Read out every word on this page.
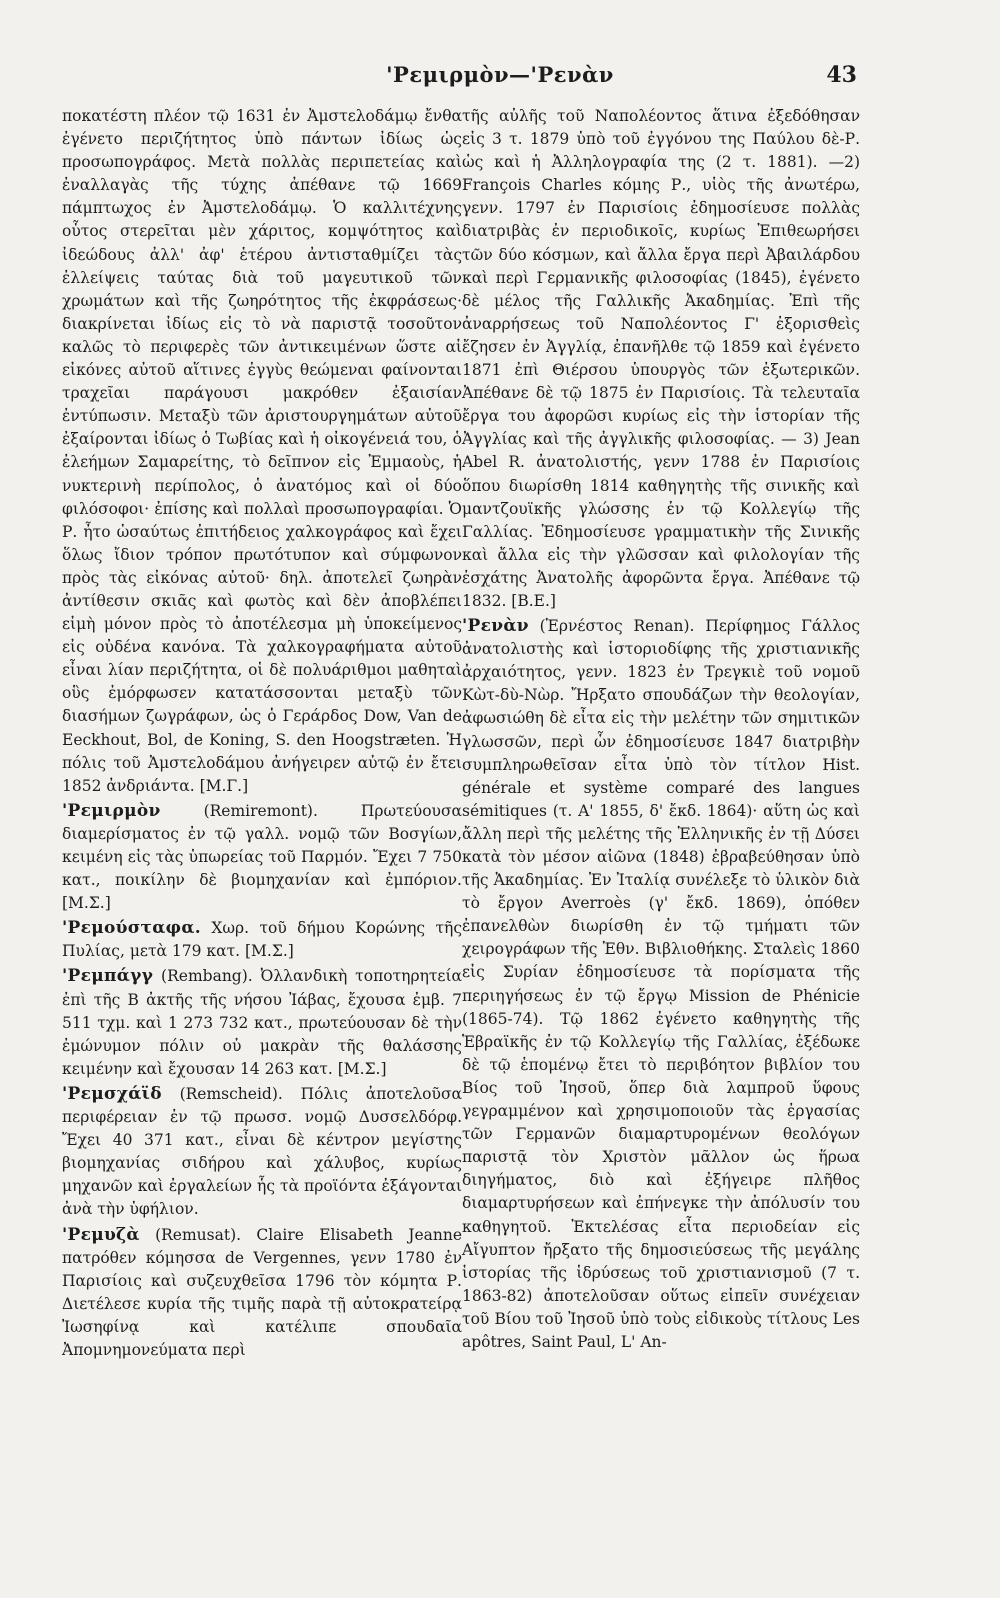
'Ρεμιρμὸν—'Ρενὰν	43

ποκατέστη πλέον τῷ 1631 ἐν Ἀμστελοδάμῳ ἔνθα ἐγένετο περιζήτητος ὑπὸ πάντων ἰδίως ὡς προσωπογράφος. Μετὰ πολλὰς περιπετείας καὶ ἐναλλαγὰς τῆς τύχης ἀπέθανε τῷ 1669 πάμπτωχος ἐν Ἀμστελοδάμῳ. Ὁ καλλιτέχνης οὗτος στερεῖται μὲν χάριτος, κομψότητος καὶ ἰδεώδους ἀλλ' ἀφ' ἑτέρου ἀντισταθμίζει τὰς ἐλλείψεις ταύτας διὰ τοῦ μαγευτικοῦ τῶν χρωμάτων καὶ τῆς ζωηρότητος τῆς ἐκφράσεως· διακρίνεται ἰδίως εἰς τὸ νὰ παριστᾷ τοσοῦτον καλῶς τὸ περιφερὲς τῶν ἀντικειμένων ὥστε αἱ εἰκόνες αὐτοῦ αἵτινες ἐγγὺς θεώμεναι φαίνονται τραχεῖαι παράγουσι μακρόθεν ἐξαισίαν ἐντύπωσιν. Μεταξὺ τῶν ἀριστουργημάτων αὐτοῦ ἐξαίρονται ἰδίως ὁ Τωβίας καὶ ἡ οἰκογένειά του, ὁ ἐλεήμων Σαμαρείτης, τὸ δεῖπνον εἰς Ἐμμαοὺς, ἡ νυκτερινὴ περίπολος, ὁ ἀνατόμος καὶ οἱ δύο φιλόσοφοι· ἐπίσης καὶ πολλαὶ προσωπογραφίαι. Ὁ Ρ. ἦτο ὡσαύτως ἐπιτήδειος χαλκογράφος καὶ ἔχει ὅλως ἴδιον τρόπον πρωτότυπον καὶ σύμφωνον πρὸς τὰς εἰκόνας αὐτοῦ· δηλ. ἀποτελεῖ ζωηρὰν ἀντίθεσιν σκιᾶς καὶ φωτὸς καὶ δὲν ἀποβλέπει εἰμὴ μόνον πρὸς τὸ ἀποτέλεσμα μὴ ὑποκείμενος εἰς οὐδένα κανόνα. Τὰ χαλκογραφήματα αὐτοῦ εἶναι λίαν περιζήτητα, οἱ δὲ πολυάριθμοι μαθηταὶ οὓς ἐμόρφωσεν κατατάσσονται μεταξὺ τῶν διασήμων ζωγράφων, ὡς ὁ Γεράρδος Dow, Van de Eeckhout, Bol, de Koning, S. den Hoogstræten. Ἡ πόλις τοῦ Ἀμστελοδάμου ἀνήγειρεν αὐτῷ ἐν ἔτει 1852 ἀνδριάντα. [Μ.Γ.]

'Ρεμιρμὸν (Remiremont). Πρωτεύουσα διαμερίσματος ἐν τῷ γαλλ. νομῷ τῶν Βοσγίων, κειμένη εἰς τὰς ὑπωρείας τοῦ Παρμόν. Ἔχει 7 750 κατ., ποικίλην δὲ βιομηχανίαν καὶ ἐμπόριον. [Μ.Σ.]

'Ρεμούσταφα. Χωρ. τοῦ δήμου Κορώνης τῆς Πυλίας, μετὰ 179 κατ. [Μ.Σ.]

'Ρεμπάγγ (Rembang). Ὀλλανδικὴ τοποτηρητεία ἐπὶ τῆς Β ἀκτῆς τῆς νήσου Ἰάβας, ἔχουσα ἐμβ. 7 511 τχμ. καὶ 1 273 732 κατ., πρωτεύουσαν δὲ τὴν ἐμώνυμον πόλιν οὐ μακρὰν τῆς θαλάσσης κειμένην καὶ ἔχουσαν 14 263 κατ. [Μ.Σ.]

'Ρεμσχάϊδ (Remscheid). Πόλις ἀποτελοῦσα περιφέρειαν ἐν τῷ πρωσσ. νομῷ Δυσσελδόρφ. Ἔχει 40 371 κατ., εἶναι δὲ κέντρον μεγίστης βιομηχανίας σιδήρου καὶ χάλυβος, κυρίως μηχανῶν καὶ ἐργαλείων ἧς τὰ προϊόντα ἐξάγονται ἀνὰ τὴν ὑφήλιον.

'Ρεμυζὰ (Remusat). Claire Elisabeth Jeanne πατρόθεν κόμησσα de Vergennes, γενν 1780 ἐν Παρισίοις καὶ συζευχθεῖσα 1796 τὸν κόμητα Ρ. Διετέλεσε κυρία τῆς τιμῆς παρὰ τῇ αὐτοκρατείρᾳ Ἰωσηφίνᾳ καὶ κατέλιπε σπουδαῖα Ἀπομνημονεύματα περὶ

τῆς αὐλῆς τοῦ Ναπολέοντος ἅτινα ἐξεδόθησαν εἰς 3 τ. 1879 ὑπὸ τοῦ ἐγγόνου της Παύλου δὲ-Ρ. ὡς καὶ ἡ Ἀλληλογραφία της (2 τ. 1881). —2) François Charles κόμης Ρ., υἱὸς τῆς ἀνωτέρω, γενν. 1797 ἐν Παρισίοις ἐδημοσίευσε πολλὰς διατριβὰς ἐν περιοδικοῖς, κυρίως Ἐπιθεωρήσει τῶν δύο κόσμων, καὶ ἄλλα ἔργα περὶ Ἀβαιλάρδου καὶ περὶ Γερμανικῆς φιλοσοφίας (1845), ἐγένετο δὲ μέλος τῆς Γαλλικῆς Ἀκαδημίας. Ἐπὶ τῆς ἀναρρήσεως τοῦ Ναπολέοντος Γ' ἐξορισθεὶς ἔζησεν ἐν Ἀγγλίᾳ, ἐπανῆλθε τῷ 1859 καὶ ἐγένετο 1871 ἐπὶ Θιέρσου ὑπουργὸς τῶν ἐξωτερικῶν. Ἀπέθανε δὲ τῷ 1875 ἐν Παρισίοις. Τὰ τελευταῖα ἔργα του ἀφορῶσι κυρίως εἰς τὴν ἱστορίαν τῆς Ἀγγλίας καὶ τῆς ἀγγλικῆς φιλοσοφίας. — 3) Jean Abel R. ἀνατολιστής, γενν 1788 ἐν Παρισίοις ὅπου διωρίσθη 1814 καθηγητὴς τῆς σινικῆς καὶ μαντζουϊκῆς γλώσσης ἐν τῷ Κολλεγίῳ τῆς Γαλλίας. Ἐδημοσίευσε γραμματικὴν τῆς Σινικῆς καὶ ἄλλα εἰς τὴν γλῶσσαν καὶ φιλολογίαν τῆς ἐσχάτης Ἀνατολῆς ἀφορῶντα ἔργα. Ἀπέθανε τῷ 1832. [Β.Ε.]

'Ρενὰν (Ἐρνέστος Renan). Περίφημος Γάλλος ἀνατολιστὴς καὶ ἱστοριοδίφης τῆς χριστιανικῆς ἀρχαιότητος, γενν. 1823 ἐν Τρεγκιὲ τοῦ νομοῦ Κὼτ-δὺ-Νὼρ. Ἤρξατο σπουδάζων τὴν θεολογίαν, ἀφωσιώθη δὲ εἶτα εἰς τὴν μελέτην τῶν σημιτικῶν γλωσσῶν, περὶ ὧν ἐδημοσίευσε 1847 διατριβὴν συμπληρωθεῖσαν εἶτα ὑπὸ τὸν τίτλον Hist. générale et système comparé des langues sémitiques (τ. Α' 1855, δ' ἔκδ. 1864)· αὕτη ὡς καὶ ἄλλη περὶ τῆς μελέτης τῆς Ἑλληνικῆς ἐν τῇ Δύσει κατὰ τὸν μέσον αἰῶνα (1848) ἐβραβεύθησαν ὑπὸ τῆς Ἀκαδημίας. Ἐν Ἰταλίᾳ συνέλεξε τὸ ὑλικὸν διὰ τὸ ἔργον Averroès (γ' ἔκδ. 1869), ὁπόθεν ἐπανελθὼν διωρίσθη ἐν τῷ τμήματι τῶν χειρογράφων τῆς Ἐθν. Βιβλιοθήκης. Σταλεὶς 1860 εἰς Συρίαν ἐδημοσίευσε τὰ πορίσματα τῆς περιηγήσεως ἐν τῷ ἔργῳ Mission de Phénicie (1865-74). Τῷ 1862 ἐγένετο καθηγητὴς τῆς Ἑβραϊκῆς ἐν τῷ Κολλεγίῳ τῆς Γαλλίας, ἐξέδωκε δὲ τῷ ἑπομένῳ ἔτει τὸ περιβόητον βιβλίον του Βίος τοῦ Ἰησοῦ, ὅπερ διὰ λαμπροῦ ὕφους γεγραμμένον καὶ χρησιμοποιοῦν τὰς ἐργασίας τῶν Γερμανῶν διαμαρτυρομένων θεολόγων παριστᾷ τὸν Χριστὸν μᾶλλον ὡς ἥρωα διηγήματος, διὸ καὶ ἐξήγειρε πλῆθος διαμαρτυρήσεων καὶ ἐπήνεγκε τὴν ἀπόλυσίν του καθηγητοῦ. Ἐκτελέσας εἶτα περιοδείαν εἰς Αἴγυπτον ἤρξατο τῆς δημοσιεύσεως τῆς μεγάλης ἱστορίας τῆς ἱδρύσεως τοῦ χριστιανισμοῦ (7 τ. 1863-82) ἀποτελοῦσαν οὕτως εἰπεῖν συνέχειαν τοῦ Βίου τοῦ Ἰησοῦ ὑπὸ τοὺς εἰδικοὺς τίτλους Les apôtres, Saint Paul, L' An-
